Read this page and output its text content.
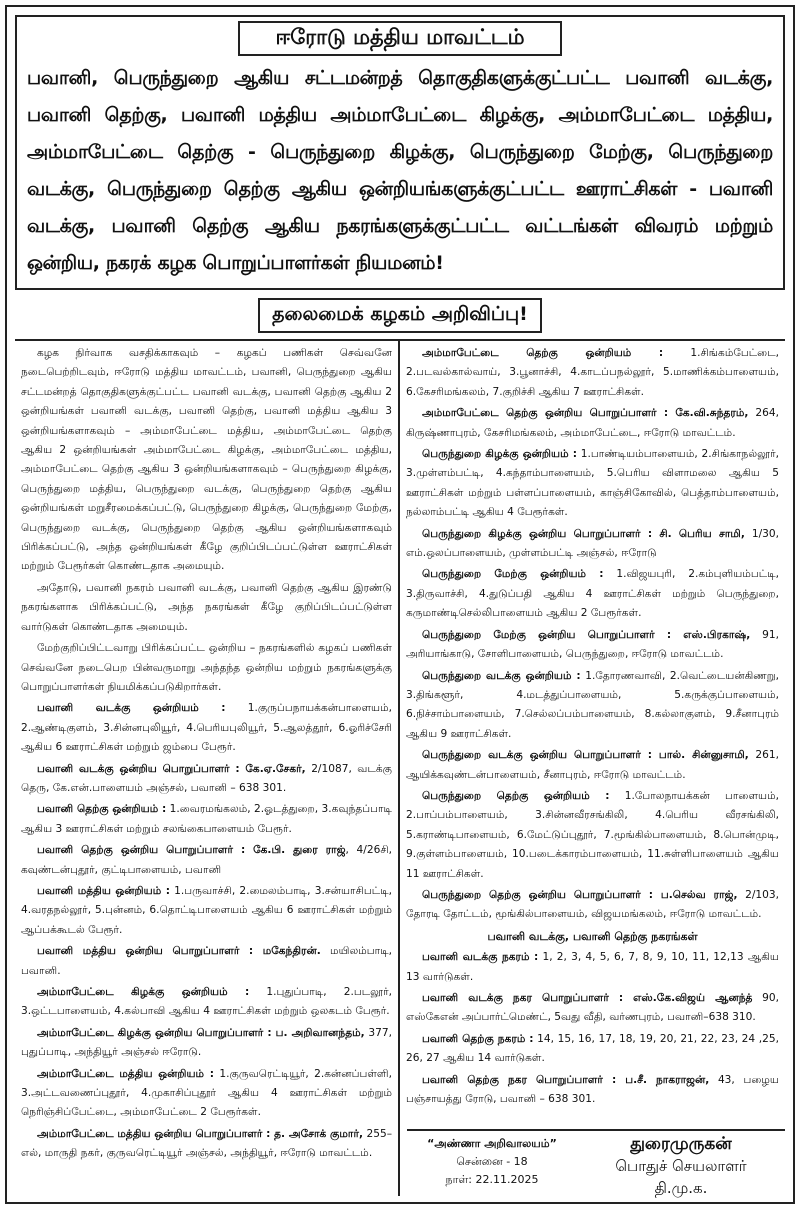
ஈரோடு மத்திய மாவட்டம்
பவானி, பெருந்துறை ஆகிய சட்டமன்றத் தொகுதிகளுக்குட்பட்ட பவானி வடக்கு, பவானி தெற்கு, பவானி மத்திய அம்மாபேட்டை கிழக்கு, அம்மாபேட்டை மத்திய, அம்மாபேட்டை தெற்கு - பெருந்துறை கிழக்கு, பெருந்துறை மேற்கு, பெருந்துறை வடக்கு, பெருந்துறை தெற்கு ஆகிய ஒன்றியங்களுக்குட்பட்ட ஊராட்சிகள் - பவானி வடக்கு, பவானி தெற்கு ஆகிய நகரங்களுக்குட்பட்ட வட்டங்கள் விவரம் மற்றும் ஒன்றிய, நகரக் கழக பொறுப்பாளர்கள் நியமனம்!
தலைமைக் கழகம் அறிவிப்பு!

கழக நிர்வாக வசதிக்காகவும் – கழகப் பணிகள் செவ்வனே நடைபெற்றிடவும், ஈரோடு மத்திய மாவட்டம், பவானி, பெருந்துறை ஆகிய சட்டமன்றத் தொகுதிகளுக்குட்பட்ட பவானி வடக்கு, பவானி தெற்கு ஆகிய 2 ஒன்றியங்கள் பவானி வடக்கு, பவானி தெற்கு, பவானி மத்திய ஆகிய 3 ஒன்றியங்களாகவும் – அம்மாபேட்டை மத்திய, அம்மாபேட்டை தெற்கு ஆகிய 2 ஒன்றியங்கள் அம்மாபேட்டை கிழக்கு, அம்மாபேட்டை மத்திய, அம்மாபேட்டை தெற்கு ஆகிய 3 ஒன்றியங்களாகவும் – பெருந்துறை கிழக்கு, பெருந்துறை மத்திய, பெருந்துறை வடக்கு, பெருந்துறை தெற்கு ஆகிய ஒன்றியங்கள் மறுசீரமைக்கப்பட்டு, பெருந்துறை கிழக்கு, பெருந்துறை மேற்கு, பெருந்துறை வடக்கு, பெருந்துறை தெற்கு ஆகிய ஒன்றியங்களாகவும் பிரிக்கப்பட்டு, அந்த ஒன்றியங்கள் கீழே குறிப்பிடப்பட்டுள்ள ஊராட்சிகள் மற்றும் பேரூர்கள் கொண்டதாக அமையும்.

அதோடு, பவானி நகரம் பவானி வடக்கு, பவானி தெற்கு ஆகிய இரண்டு நகரங்களாக பிரிக்கப்பட்டு, அந்த நகரங்கள் கீழே குறிப்பிடப்பட்டுள்ள வார்டுகள் கொண்டதாக அமையும்.

மேற்குறிப்பிட்டவாறு பிரிக்கப்பட்ட ஒன்றிய – நகரங்களில் கழகப் பணிகள் செவ்வனே நடைபெற பின்வருமாறு அந்தந்த ஒன்றிய மற்றும் நகரங்களுக்கு பொறுப்பாளர்கள் நியமிக்கப்படுகிறார்கள்.

பவானி வடக்கு ஒன்றியம் : 1.குருப்பநாயக்கன்பாளையம், 2.ஆண்டிகுளம், 3.சின்னபுலியூர், 4.பெரியபுலியூர், 5.ஆலத்தூர், 6.ஓரிச்சேரி ஆகிய 6 ஊராட்சிகள் மற்றும் ஜம்பை பேரூர்.

பவானி வடக்கு ஒன்றிய பொறுப்பாளர் : கே.ஏ.சேகர், 2/1087, வடக்கு தெரு, கே.என்.பாளையம் அஞ்சல், பவானி – 638 301.

பவானி தெற்கு ஒன்றியம் : 1.வைரமங்கலம், 2.ஓடத்துறை, 3.கவுந்தப்பாடி ஆகிய 3 ஊராட்சிகள் மற்றும் சலங்கைபாளையம் பேரூர்.

பவானி தெற்கு ஒன்றிய பொறுப்பாளர் : கே.பி. துரை ராஜ், 4/26சி, கவுண்டன்புதூர், குட்டிபாளையம், பவானி

பவானி மத்திய ஒன்றியம் : 1.பருவாச்சி, 2.மைலம்பாடி, 3.சன்யாசிபட்டி, 4.வரதநல்லூர், 5.புன்னம், 6.தொட்டிபாளையம் ஆகிய 6 ஊராட்சிகள் மற்றும் ஆப்பக்கூடல் பேரூர்.

பவானி மத்திய ஒன்றிய பொறுப்பாளர் : மகேந்திரன். மயிலம்பாடி, பவானி.

அம்மாபேட்டை கிழக்கு ஒன்றியம் : 1.புதுப்பாடி, 2.படலூர், 3.ஒட்டபாளையம், 4.கல்பாவி ஆகிய 4 ஊராட்சிகள் மற்றும் ஒலகடம் பேரூர்.

அம்மாபேட்டை கிழக்கு ஒன்றிய பொறுப்பாளர் : ப. அறிவானந்தம், 377, புதுப்பாடி, அந்தியூர் அஞ்சல் ஈரோடு.

அம்மாபேட்டை மத்திய ஒன்றியம் : 1.குருவரெட்டியூர், 2.கன்னப்பள்ளி, 3.அட்டவணைப்புதூர், 4.முகாசிப்புதூர் ஆகிய 4 ஊராட்சிகள் மற்றும் நெரிஞ்சிப்பேட்டை, அம்மாபேட்டை 2 பேரூர்கள்.

அம்மாபேட்டை மத்திய ஒன்றிய பொறுப்பாளர் : த. அசோக் குமார், 255–எல், மாருதி நகர், குருவரெட்டியூர் அஞ்சல், அந்தியூர், ஈரோடு மாவட்டம்.

அம்மாபேட்டை தெற்கு ஒன்றியம் : 1.சிங்கம்பேட்டை, 2.படவல்கால்வாய், 3.பூனாச்சி, 4.காடப்பநல்லூர், 5.மாணிக்கம்பாளையம், 6.கேசரிமங்கலம், 7.குறிச்சி ஆகிய 7 ஊராட்சிகள்.

அம்மாபேட்டை தெற்கு ஒன்றிய பொறுப்பாளர் : கே.வி.சுந்தரம், 264, கிருஷ்ணாபுரம், கேசரிமங்கலம், அம்மாபேட்டை, ஈரோடு மாவட்டம்.

பெருந்துறை கிழக்கு ஒன்றியம் : 1.பாண்டியம்பாளையம், 2.சிங்காநல்லூர், 3.முள்ளம்பட்டி, 4.கந்தாம்பாளையம், 5.பெரிய விளாமலை ஆகிய 5 ஊராட்சிகள் மற்றும் பள்ளப்பாளையம், காஞ்சிகோவில், பெத்தாம்பாளையம், நல்லாம்பட்டி ஆகிய 4 பேரூர்கள்.

பெருந்துறை கிழக்கு ஒன்றிய பொறுப்பாளர் : சி. பெரிய சாமி, 1/30, எம்.ஒலப்பாளையம், முள்ளம்பட்டி அஞ்சல், ஈரோடு

பெருந்துறை மேற்கு ஒன்றியம் : 1.விஜயபுரி, 2.கம்புளியம்பட்டி, 3.திருவாச்சி, 4.துடுப்பதி ஆகிய 4 ஊராட்சிகள் மற்றும் பெருந்துறை, கருமாண்டிசெல்லிபாளையம் ஆகிய 2 பேரூர்கள்.

பெருந்துறை மேற்கு ஒன்றிய பொறுப்பாளர் : எஸ்.பிரகாஷ், 91, அரியாங்காடு, சோளிபாளையம், பெருந்துறை, ஈரோடு மாவட்டம்.

பெருந்துறை வடக்கு ஒன்றியம் : 1.தோரணவாவி, 2.வெட்டையன்கிணறு, 3.திங்களூர், 4.மடத்துப்பாளையம், 5.கருக்குப்பாளையம், 6.நிச்சாம்பாளையம், 7.செல்லப்பம்பாளையம், 8.கல்லாகுளம், 9.சீனாபுரம் ஆகிய 9 ஊராட்சிகள்.

பெருந்துறை வடக்கு ஒன்றிய பொறுப்பாளர் : பால். சின்னுசாமி, 261, ஆயிக்கவுண்டன்பாளையம், சீனாபுரம், ஈரோடு மாவட்டம்.

பெருந்துறை தெற்கு ஒன்றியம் : 1.போலநாயக்கன் பாளையம், 2.பாப்பம்பாளையம், 3.சின்னவீரசங்கிலி, 4.பெரிய வீரசங்கிலி, 5.கராண்டிபாளையம், 6.மேட்டுப்புதூர், 7.மூங்கில்பாளையம், 8.பொன்முடி, 9.குள்ளம்பாளையம், 10.படைக்காரம்பாளையம், 11.சுள்ளிபாளையம் ஆகிய 11 ஊராட்சிகள்.

பெருந்துறை தெற்கு ஒன்றிய பொறுப்பாளர் : ப.செல்வ ராஜ், 2/103, தோரடி தோட்டம், மூங்கில்பாளையம், விஜயமங்கலம், ஈரோடு மாவட்டம்.

பவானி வடக்கு, பவானி தெற்கு நகரங்கள்

பவானி வடக்கு நகரம் : 1, 2, 3, 4, 5, 6, 7, 8, 9, 10, 11, 12,13 ஆகிய 13 வார்டுகள்.

பவானி வடக்கு நகர பொறுப்பாளர் : எஸ்.கே.விஜய் ஆனந்த் 90, எஸ்கேஎன் அப்பார்ட்மெண்ட், 5வது வீதி, வர்ணபுரம், பவானி–638 310.

பவானி தெற்கு நகரம் : 14, 15, 16, 17, 18, 19, 20, 21, 22, 23, 24 ,25, 26, 27 ஆகிய 14 வார்டுகள்.

பவானி தெற்கு நகர பொறுப்பாளர் : ப.சீ. நாகராஜன், 43, பழைய பஞ்சாயத்து ரோடு, பவானி – 638 301.

“அண்ணா அறிவாலயம்”
சென்னை - 18
நாள்: 22.11.2025
துரைமுருகன்
பொதுச் செயலாளர்
தி.மு.க.
